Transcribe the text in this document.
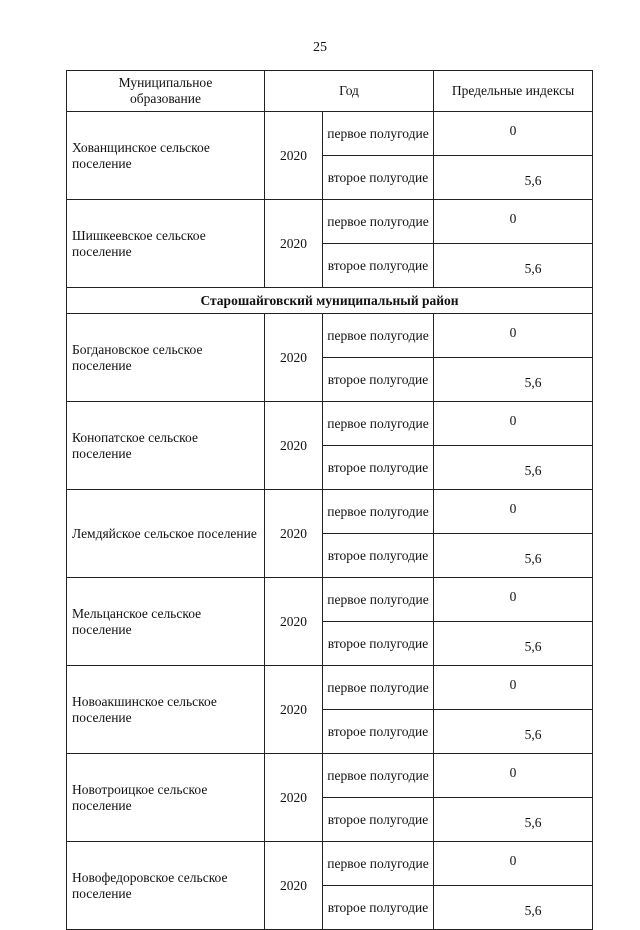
25
Муниципальное образование	Год		Предельные индексы
Хованщинское сельское поселение	2020	первое полугодие	0
		второе полугодие	5,6
Шишкеевское сельское поселение	2020	первое полугодие	0
		второе полугодие	5,6
Старошайговский муниципальный район			
Богдановское сельское поселение	2020	первое полугодие	0
		второе полугодие	5,6
Конопатское сельское поселение	2020	первое полугодие	0
		второе полугодие	5,6
Лемдяйское сельское поселение	2020	первое полугодие	0
		второе полугодие	5,6
Мельцанское сельское поселение	2020	первое полугодие	0
		второе полугодие	5,6
Новоакшинское сельское поселение	2020	первое полугодие	0
		второе полугодие	5,6
Новотроицкое сельское поселение	2020	первое полугодие	0
		второе полугодие	5,6
Новофедоровское сельское поселение	2020	первое полугодие	0
		второе полугодие	5,6
